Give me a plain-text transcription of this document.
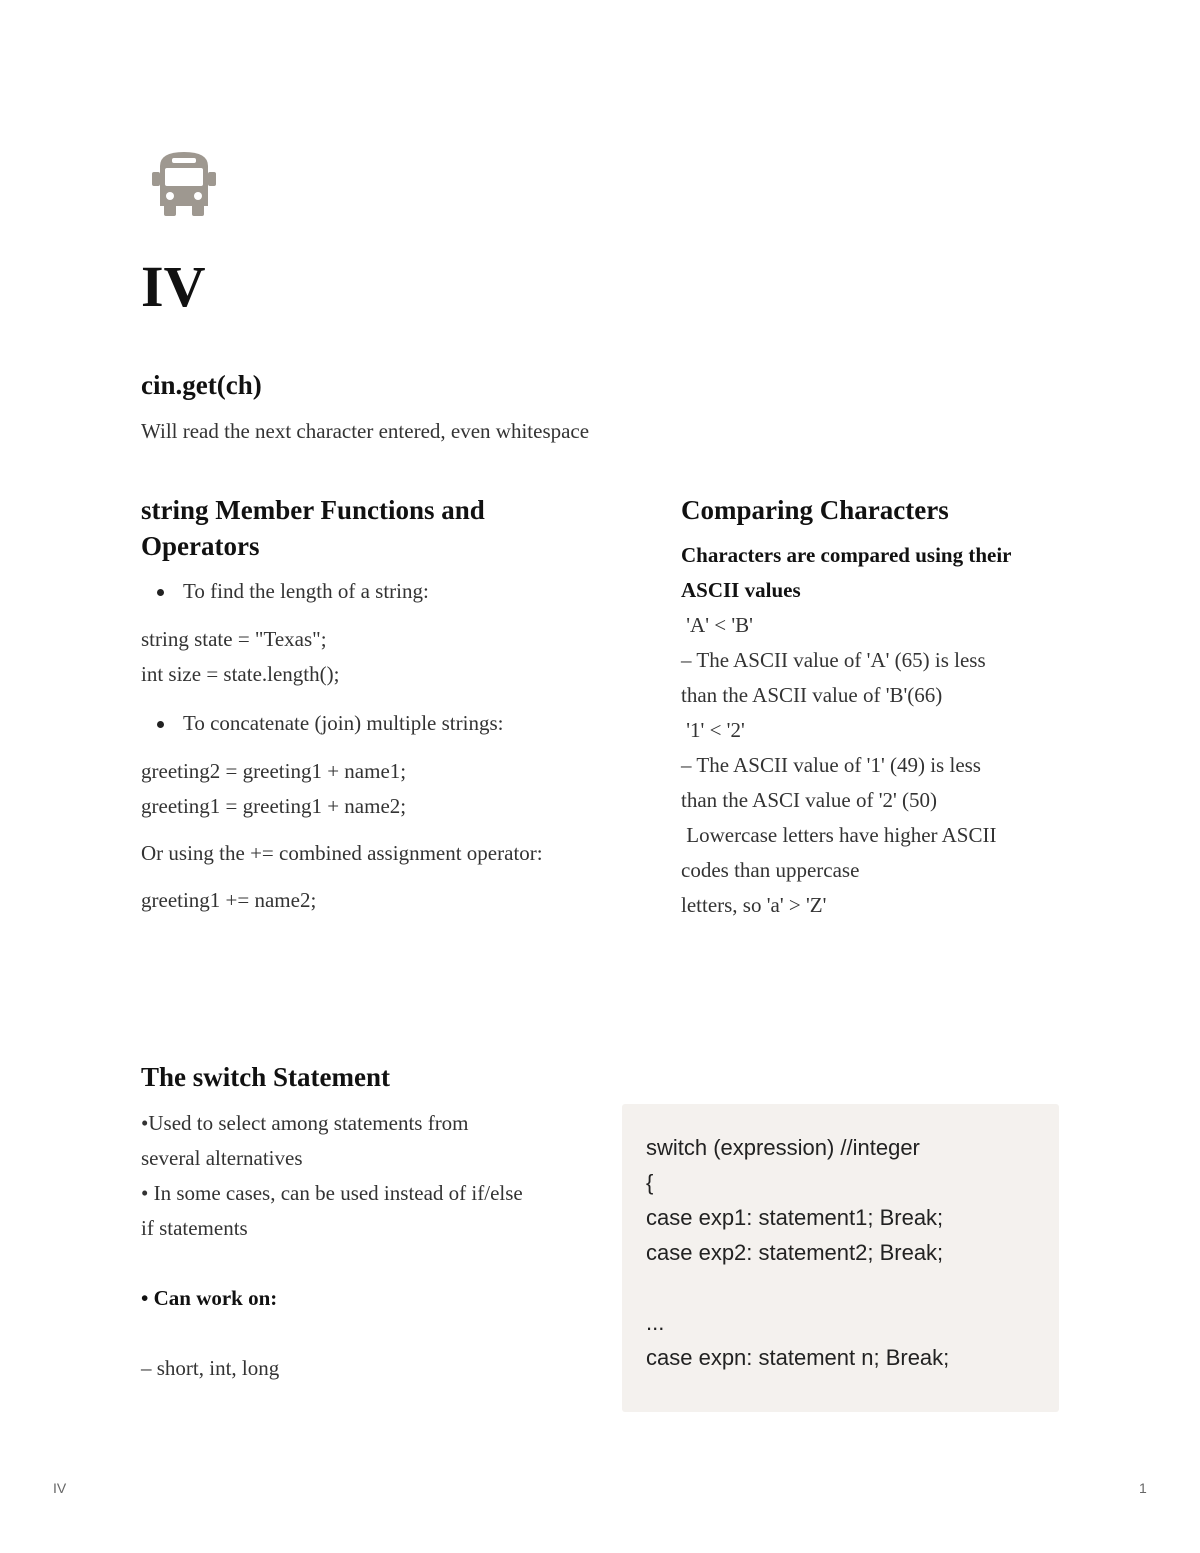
IV
cin.get(ch)
Will read the next character entered, even whitespace
string Member Functions and
Operators
To find the length of a string:
string state = "Texas";
int size = state.length();
To concatenate (join) multiple strings:
greeting2 = greeting1 + name1;
greeting1 = greeting1 + name2;
Or using the += combined assignment operator:
greeting1 += name2;
Comparing Characters
Characters are compared using their
ASCII values
'A' < 'B'
– The ASCII value of 'A' (65) is less
than the ASCII value of 'B'(66)
'1' < '2'
– The ASCII value of '1' (49) is less
than the ASCI value of '2' (50)
Lowercase letters have higher ASCII
codes than uppercase
letters, so 'a' > 'Z'
The switch Statement
•Used to select among statements from
several alternatives
• In some cases, can be used instead of if/else
if statements
• Can work on:
– short, int, long
switch (expression) //integer
{
case exp1: statement1; Break;
case exp2: statement2; Break;
...
case expn: statement n; Break;
IV	1
